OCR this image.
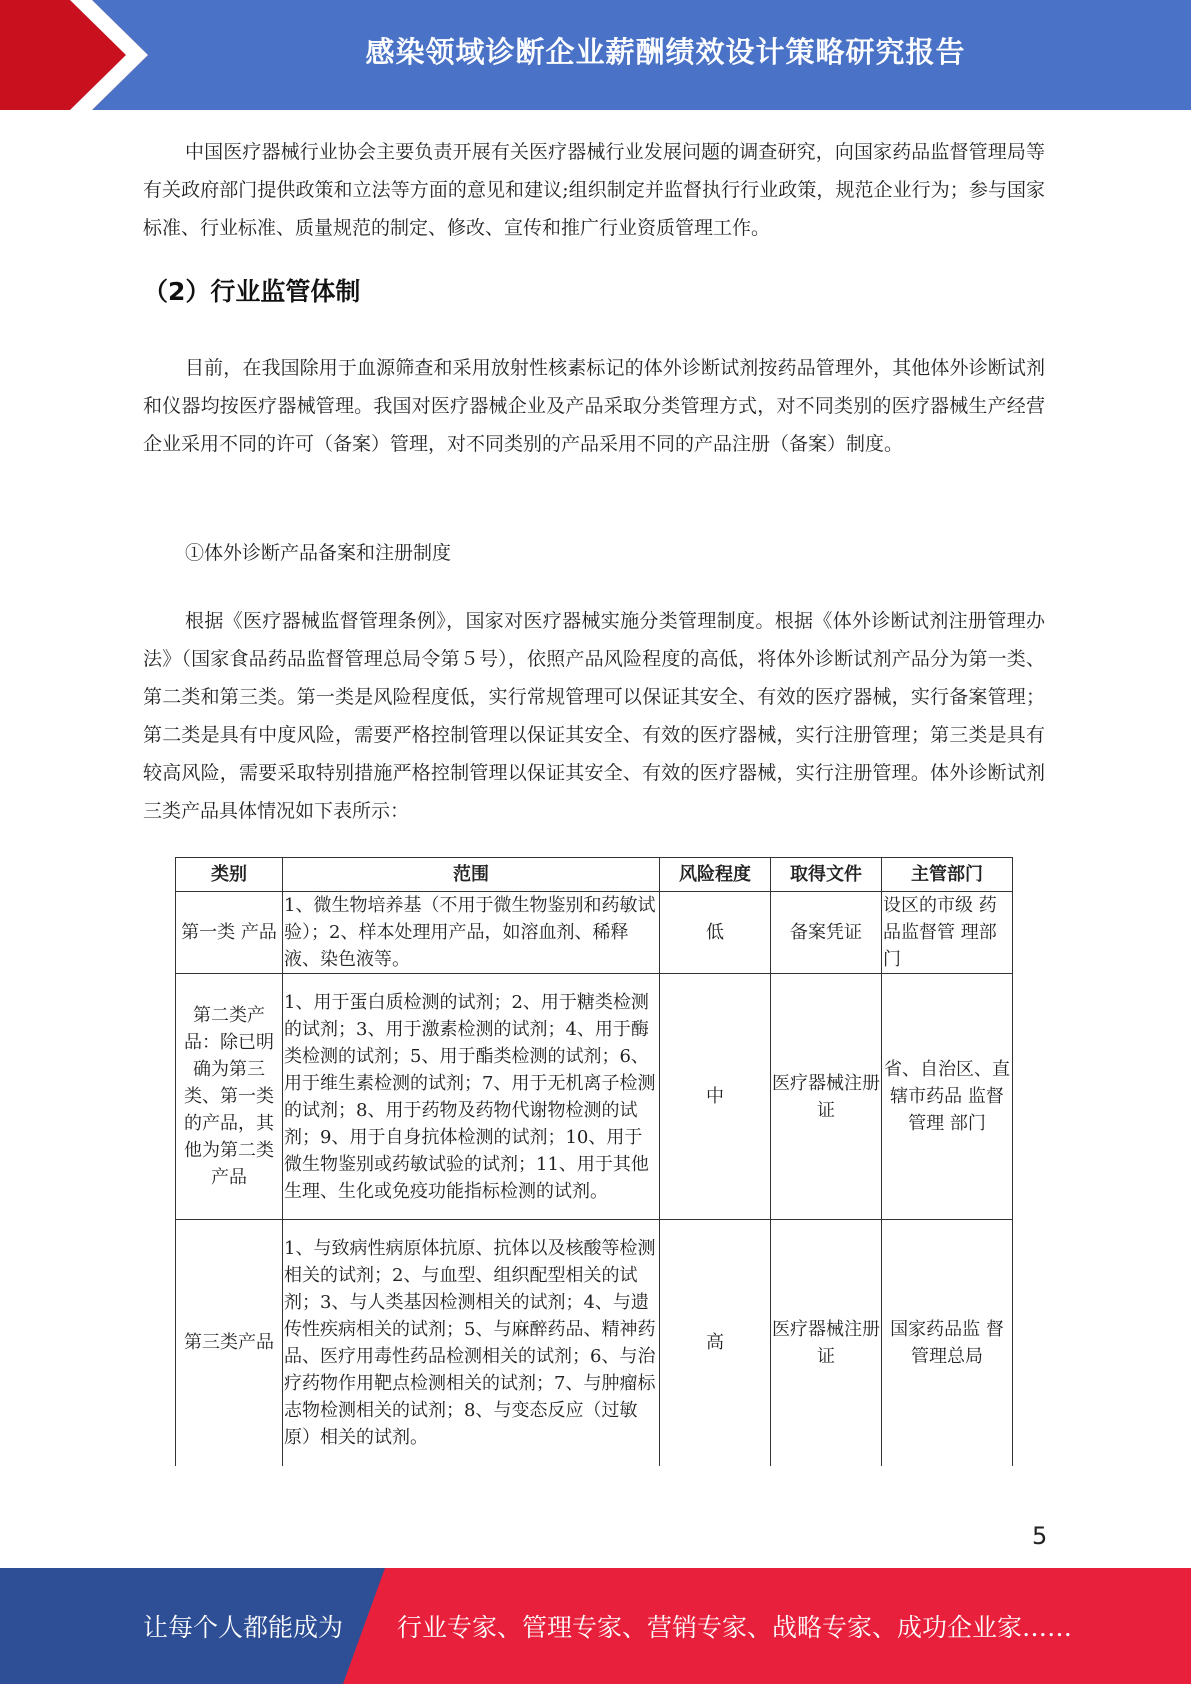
感染领域诊断企业薪酬绩效设计策略研究报告

中国医疗器械行业协会主要负责开展有关医疗器械行业发展问题的调查研究，向国家药品监督管理局等有关政府部门提供政策和立法等方面的意见和建议;组织制定并监督执行行业政策，规范企业行为；参与国家标准、行业标准、质量规范的制定、修改、宣传和推广行业资质管理工作。

（2）行业监管体制

目前，在我国除用于血源筛查和采用放射性核素标记的体外诊断试剂按药品管理外，其他体外诊断试剂和仪器均按医疗器械管理。我国对医疗器械企业及产品采取分类管理方式，对不同类别的医疗器械生产经营企业采用不同的许可（备案）管理，对不同类别的产品采用不同的产品注册（备案）制度。

①体外诊断产品备案和注册制度

根据《医疗器械监督管理条例》，国家对医疗器械实施分类管理制度。根据《体外诊断试剂注册管理办法》（国家食品药品监督管理总局令第５号），依照产品风险程度的高低，将体外诊断试剂产品分为第一类、第二类和第三类。第一类是风险程度低，实行常规管理可以保证其安全、有效的医疗器械，实行备案管理；第二类是具有中度风险，需要严格控制管理以保证其安全、有效的医疗器械，实行注册管理；第三类是具有较高风险，需要采取特别措施严格控制管理以保证其安全、有效的医疗器械，实行注册管理。体外诊断试剂三类产品具体情况如下表所示：

类别	范围	风险程度	取得文件	主管部门
第一类 产品	1、微生物培养基（不用于微生物鉴别和药敏试验）；2、样本处理用产品，如溶血剂、稀释液、染色液等。	低	备案凭证	设区的市级 药品监督管 理部门
第二类产品：除已明确为第三类、第一类的产品，其他为第二类产品	1、用于蛋白质检测的试剂；2、用于糖类检测的试剂；3、用于激素检测的试剂；4、用于酶类检测的试剂；5、用于酯类检测的试剂；6、用于维生素检测的试剂；7、用于无机离子检测的试剂；8、用于药物及药物代谢物检测的试剂；9、用于自身抗体检测的试剂；10、用于微生物鉴别或药敏试验的试剂；11、用于其他生理、生化或免疫功能指标检测的试剂。	中	医疗器械注册证	省、自治区、直辖市药品 监督管理 部门
第三类产品	1、与致病性病原体抗原、抗体以及核酸等检测相关的试剂；2、与血型、组织配型相关的试剂；3、与人类基因检测相关的试剂；4、与遗传性疾病相关的试剂；5、与麻醉药品、精神药品、医疗用毒性药品检测相关的试剂；6、与治疗药物作用靶点检测相关的试剂；7、与肿瘤标志物检测相关的试剂；8、与变态反应（过敏原）相关的试剂。	高	医疗器械注册证	国家药品监 督管理总局
5
让每个人都能成为 行业专家、管理专家、营销专家、战略专家、成功企业家……
